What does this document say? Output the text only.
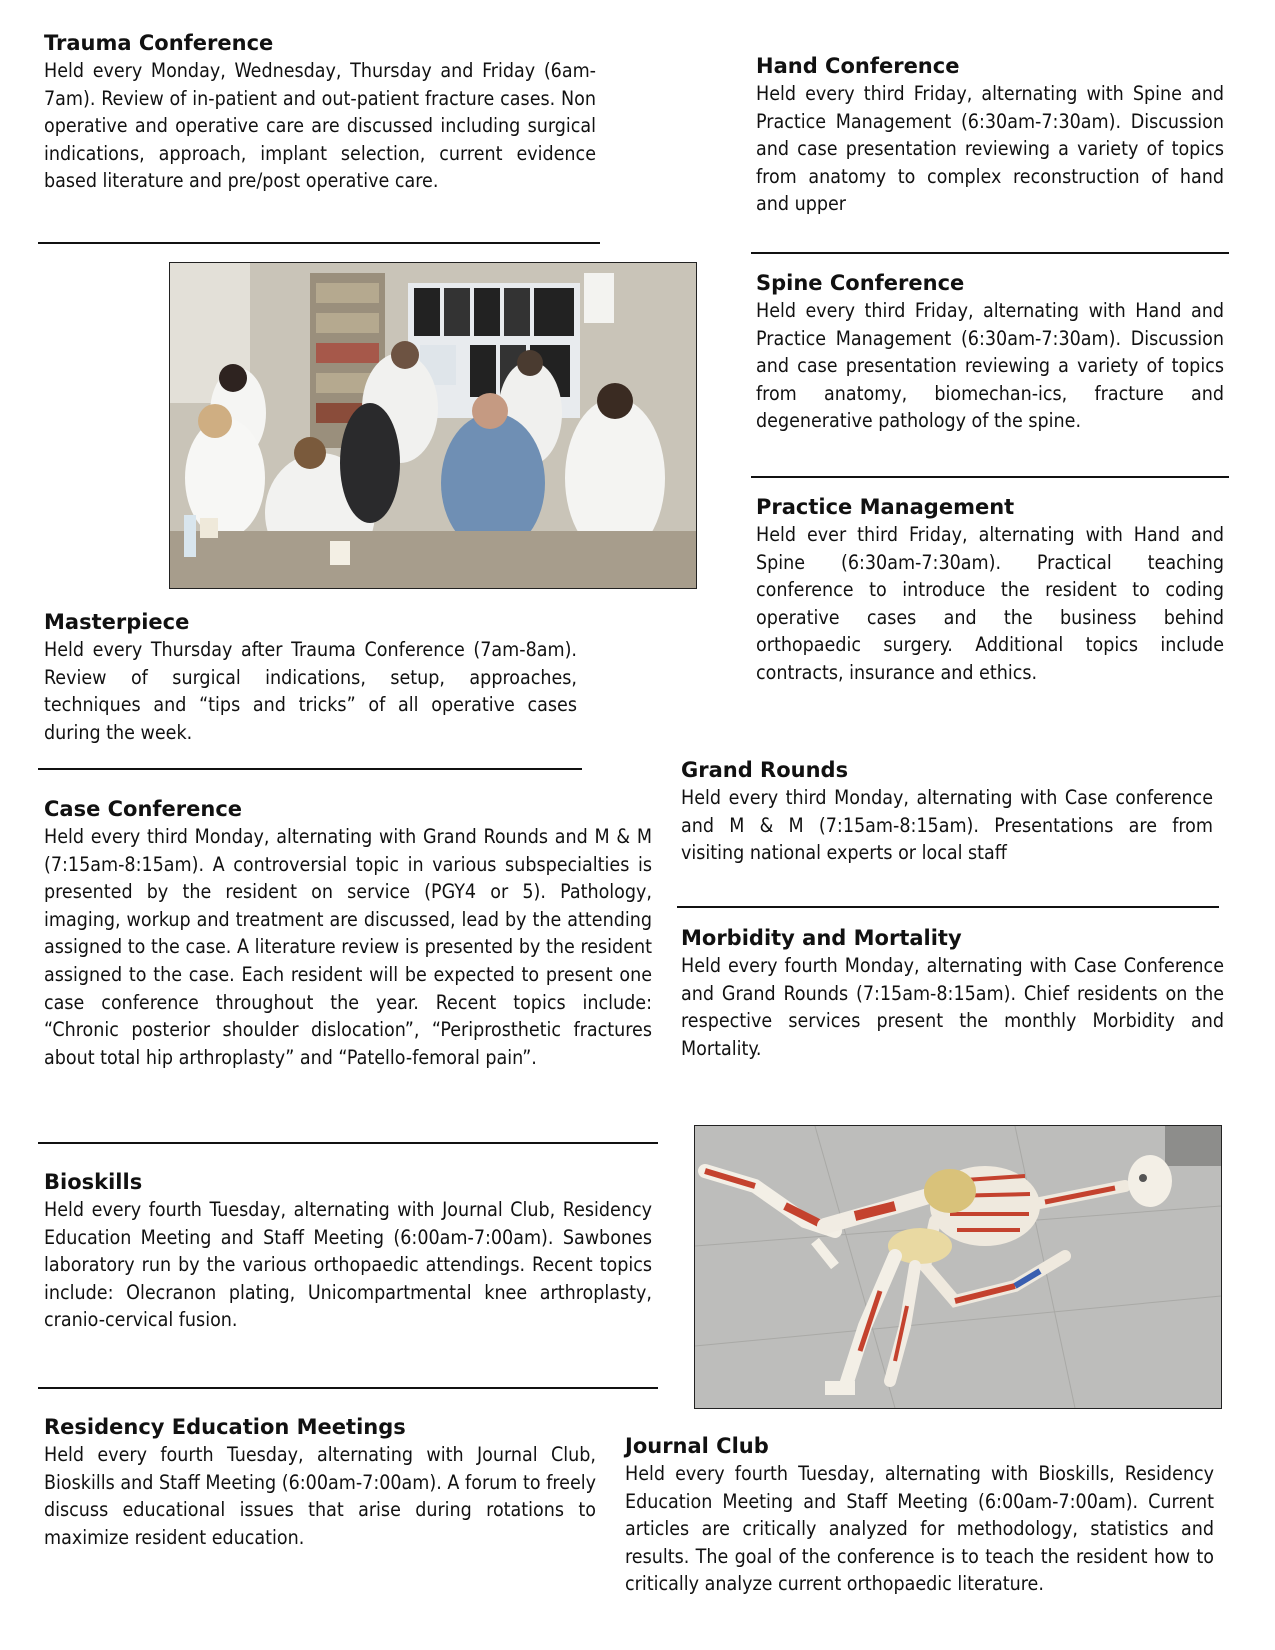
Trauma Conference

Held every Monday, Wednesday, Thursday and Friday (6am-7am). Review of in-patient and out-patient fracture cases. Non operative and operative care are discussed including surgical indications, approach, implant selection, current evidence based literature and pre/post operative care.

Masterpiece

Held every Thursday after Trauma Conference (7am-8am). Review of surgical indications, setup, approaches, techniques and “tips and tricks” of all operative cases during the week.

Case Conference

Held every third Monday, alternating with Grand Rounds and M & M (7:15am-8:15am). A controversial topic in various subspecialties is presented by the resident on service (PGY4 or 5). Pathology, imaging, workup and treatment are discussed, lead by the attending assigned to the case. A literature review is presented by the resident assigned to the case. Each resident will be expected to present one case conference throughout the year. Recent topics include: “Chronic posterior shoulder dislocation”, “Periprosthetic fractures about total hip arthroplasty” and “Patello-femoral pain”.

Bioskills

Held every fourth Tuesday, alternating with Journal Club, Residency Education Meeting and Staff Meeting (6:00am-7:00am). Sawbones laboratory run by the various orthopaedic attendings. Recent topics include: Olecranon plating, Unicompartmental knee arthroplasty, cranio-cervical fusion.

Residency Education Meetings

Held every fourth Tuesday, alternating with Journal Club, Bioskills and Staff Meeting (6:00am-7:00am). A forum to freely discuss educational issues that arise during rotations to maximize resident education.

Hand Conference

Held every third Friday, alternating with Spine and Practice Management (6:30am-7:30am). Discussion and case presentation reviewing a variety of topics from anatomy to complex reconstruction of hand and upper

Spine Conference

Held every third Friday, alternating with Hand and Practice Management (6:30am-7:30am). Discussion and case presentation reviewing a variety of topics from anatomy, biomechan-ics, fracture and degenerative pathology of the spine.

Practice Management

Held ever third Friday, alternating with Hand and Spine (6:30am-7:30am). Practical teaching conference to introduce the resident to coding operative cases and the business behind orthopaedic surgery. Additional topics include contracts, insurance and ethics.

Grand Rounds

Held every third Monday, alternating with Case conference and M & M (7:15am-8:15am). Presentations are from visiting national experts or local staff

Morbidity and Mortality

Held every fourth Monday, alternating with Case Conference and Grand Rounds (7:15am-8:15am). Chief residents on the respective services present the monthly Morbidity and Mortality.

Journal Club

Held every fourth Tuesday, alternating with Bioskills, Residency Education Meeting and Staff Meeting (6:00am-7:00am). Current articles are critically analyzed for methodology, statistics and results. The goal of the conference is to teach the resident how to critically analyze current orthopaedic literature.
